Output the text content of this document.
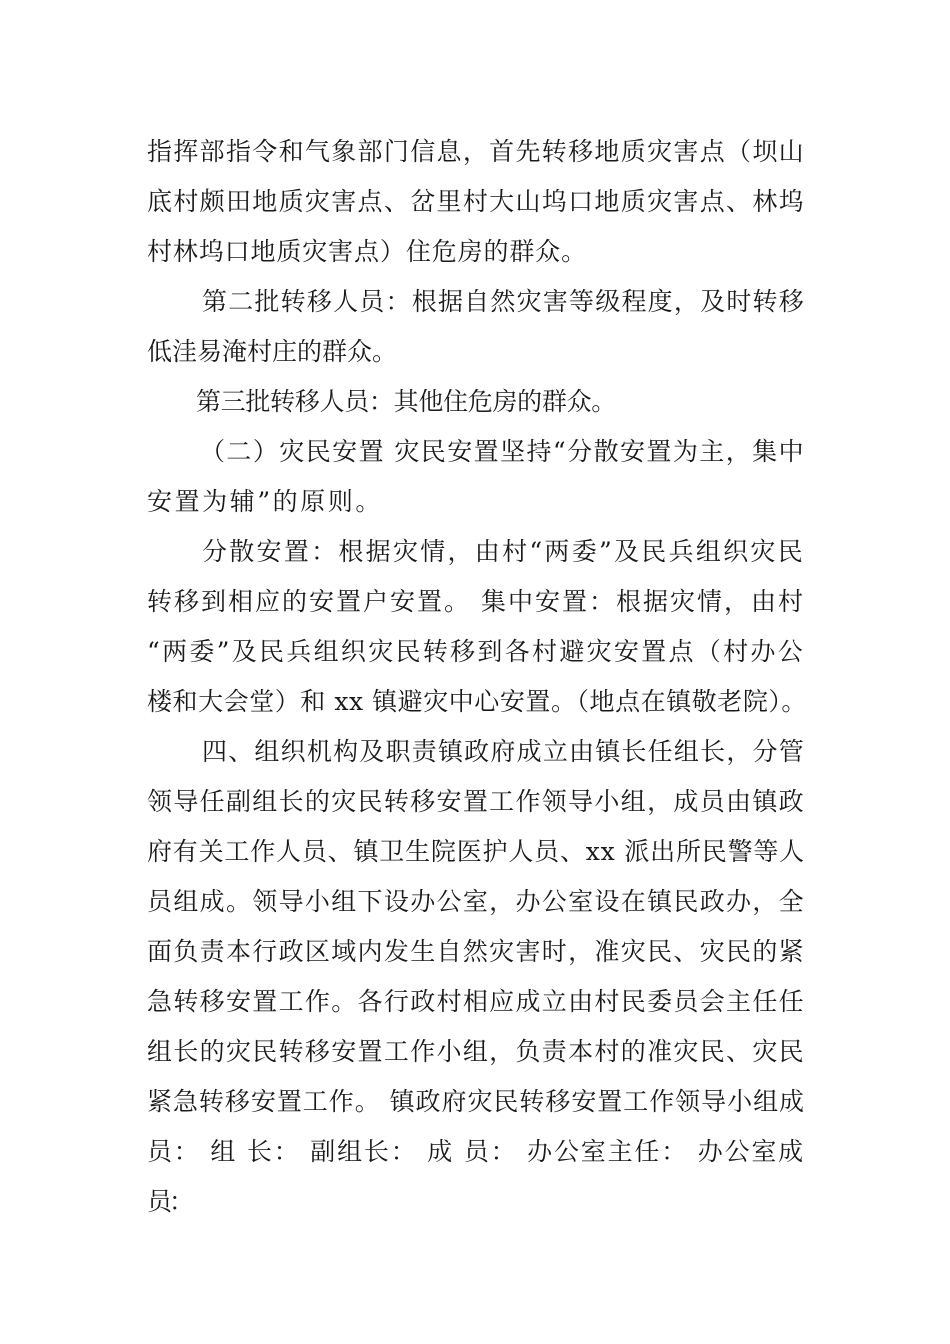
指挥部指令和气象部门信息，首先转移地质灾害点（坝山
底村颇田地质灾害点、岔里村大山坞口地质灾害点、林坞
村林坞口地质灾害点）住危房的群众。
第二批转移人员：根据自然灾害等级程度，及时转移
低洼易淹村庄的群众。
第三批转移人员：其他住危房的群众。
（二）灾民安置 灾民安置坚持“分散安置为主，集中
安置为辅”的原则。
分散安置：根据灾情，由村“两委”及民兵组织灾民
转移到相应的安置户安置。 集中安置：根据灾情，由村
“两委”及民兵组织灾民转移到各村避灾安置点（村办公
楼和大会堂）和 xx 镇避灾中心安置。（地点在镇敬老院）。
四、组织机构及职责镇政府成立由镇长任组长，分管
领导任副组长的灾民转移安置工作领导小组，成员由镇政
府有关工作人员、镇卫生院医护人员、xx 派出所民警等人
员组成。领导小组下设办公室，办公室设在镇民政办，全
面负责本行政区域内发生自然灾害时，准灾民、灾民的紧
急转移安置工作。各行政村相应成立由村民委员会主任任
组长的灾民转移安置工作小组，负责本村的准灾民、灾民
紧急转移安置工作。 镇政府灾民转移安置工作领导小组成
员： 组 长： 副组长： 成 员： 办公室主任： 办公室成
员：
